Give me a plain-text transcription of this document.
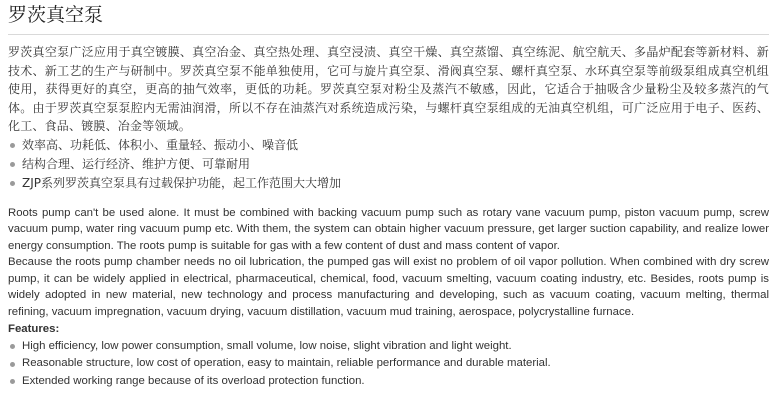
罗茨真空泵

罗茨真空泵广泛应用于真空镀膜、真空冶金、真空热处理、真空浸渍、真空干燥、真空蒸馏、真空练泥、航空航天、多晶炉配套等新材料、新技术、新工艺的生产与研制中。罗茨真空泵不能单独使用，它可与旋片真空泵、滑阀真空泵、螺杆真空泵、水环真空泵等前级泵组成真空机组使用，获得更好的真空，更高的抽气效率，更低的功耗。罗茨真空泵对粉尘及蒸汽不敏感，因此，它适合于抽吸含少量粉尘及较多蒸汽的气体。由于罗茨真空泵泵腔内无需油润滑，所以不存在油蒸汽对系统造成污染，与螺杆真空泵组成的无油真空机组，可广泛应用于电子、医药、化工、食品、镀膜、冶金等领域。

效率高、功耗低、体积小、重量轻、振动小、噪音低
结构合理、运行经济、维护方便、可靠耐用
ZJP系列罗茨真空泵具有过载保护功能，起工作范围大大增加

Roots pump can't be used alone. It must be combined with backing vacuum pump such as rotary vane vacuum pump, piston vacuum pump, screw vacuum pump, water ring vacuum pump etc. With them, the system can obtain higher vacuum pressure, get larger suction capability, and realize lower energy consumption. The roots pump is suitable for gas with a few content of dust and mass content of vapor.

Because the roots pump chamber needs no oil lubrication, the pumped gas will exist no problem of oil vapor pollution. When combined with dry screw pump, it can be widely applied in electrical, pharmaceutical, chemical, food, vacuum smelting, vacuum coating industry, etc. Besides, roots pump is widely adopted in new material, new technology and process manufacturing and developing, such as vacuum coating, vacuum melting, thermal refining, vacuum impregnation, vacuum drying, vacuum distillation, vacuum mud training, aerospace, polycrystalline furnace.

Features:

High efficiency, low power consumption, small volume, low noise, slight vibration and light weight.
Reasonable structure, low cost of operation, easy to maintain, reliable performance and durable material.
Extended working range because of its overload protection function.
